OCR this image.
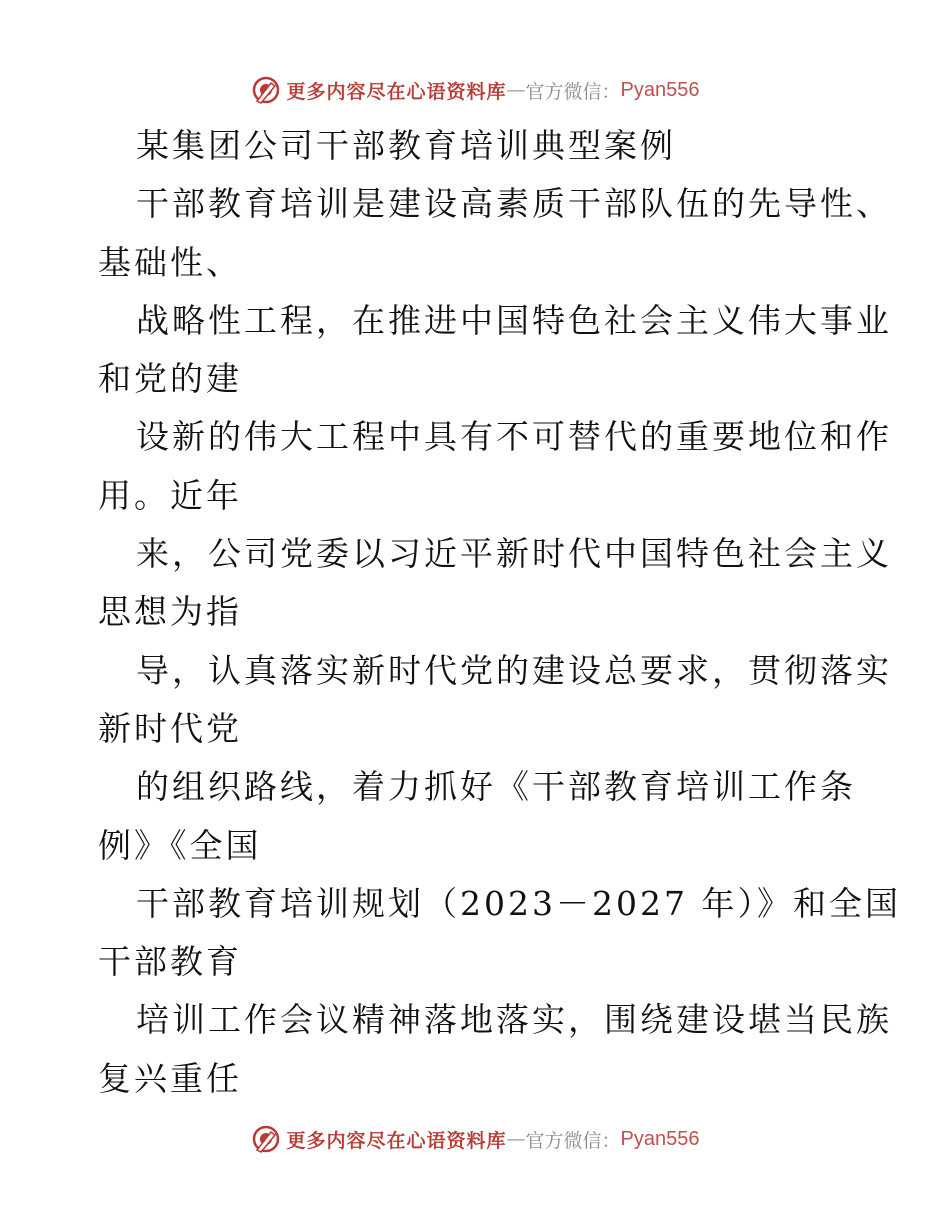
更多内容尽在心语资料库 — 官方微信： Pyan556
某集团公司干部教育培训典型案例
干部教育培训是建设高素质干部队伍的先导性、
基础性、
战略性工程，在推进中国特色社会主义伟大事业
和党的建
设新的伟大工程中具有不可替代的重要地位和作
用。近年
来，公司党委以习近平新时代中国特色社会主义
思想为指
导，认真落实新时代党的建设总要求，贯彻落实
新时代党
的组织路线，着力抓好《干部教育培训工作条
例》《全国
干部教育培训规划（2023－2027 年）》和全国
干部教育
培训工作会议精神落地落实，围绕建设堪当民族
复兴重任
更多内容尽在心语资料库 — 官方微信： Pyan556
